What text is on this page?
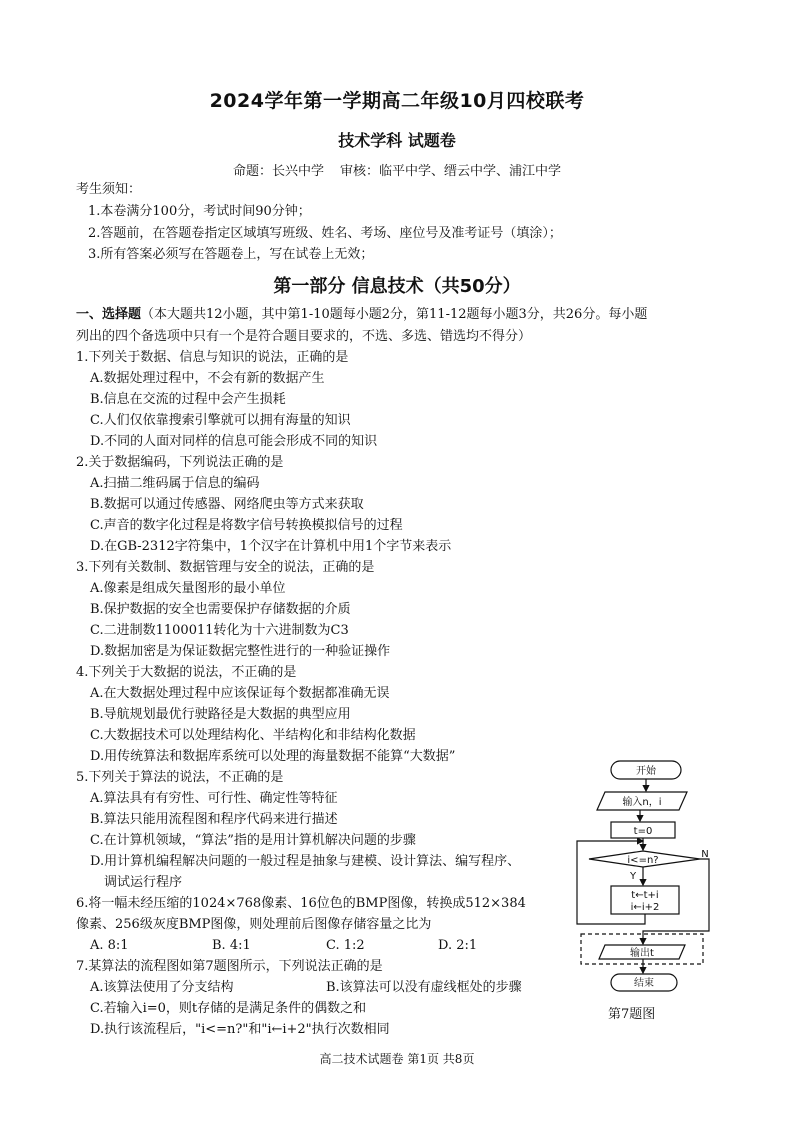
2024学年第一学期高二年级10月四校联考
技术学科 试题卷
命题：长兴中学 审核：临平中学、缙云中学、浦江中学
考生须知：
1.本卷满分100分，考试时间90分钟；
2.答题前，在答题卷指定区域填写班级、姓名、考场、座位号及准考证号（填涂）；
3.所有答案必须写在答题卷上，写在试卷上无效；
第一部分 信息技术（共50分）
一、选择题（本大题共12小题，其中第1-10题每小题2分，第11-12题每小题3分，共26分。每小题
列出的四个备选项中只有一个是符合题目要求的，不选、多选、错选均不得分）
1.下列关于数据、信息与知识的说法，正确的是
A.数据处理过程中，不会有新的数据产生
B.信息在交流的过程中会产生损耗
C.人们仅依靠搜索引擎就可以拥有海量的知识
D.不同的人面对同样的信息可能会形成不同的知识
2.关于数据编码，下列说法正确的是
A.扫描二维码属于信息的编码
B.数据可以通过传感器、网络爬虫等方式来获取
C.声音的数字化过程是将数字信号转换模拟信号的过程
D.在GB-2312字符集中，1个汉字在计算机中用1个字节来表示
3.下列有关数制、数据管理与安全的说法，正确的是
A.像素是组成矢量图形的最小单位
B.保护数据的安全也需要保护存储数据的介质
C.二进制数1100011转化为十六进制数为C3
D.数据加密是为保证数据完整性进行的一种验证操作
4.下列关于大数据的说法，不正确的是
A.在大数据处理过程中应该保证每个数据都准确无误
B.导航规划最优行驶路径是大数据的典型应用
C.大数据技术可以处理结构化、半结构化和非结构化数据
D.用传统算法和数据库系统可以处理的海量数据不能算“大数据”
5.下列关于算法的说法，不正确的是
A.算法具有有穷性、可行性、确定性等特征
B.算法只能用流程图和程序代码来进行描述
C.在计算机领域，“算法”指的是用计算机解决问题的步骤
D.用计算机编程解决问题的一般过程是抽象与建模、设计算法、编写程序、
调试运行程序
6.将一幅未经压缩的1024×768像素、16位色的BMP图像，转换成512×384
像素、256级灰度BMP图像，则处理前后图像存储容量之比为
A. 8:1	B. 4:1	C. 1:2	D. 2:1
7.某算法的流程图如第7题图所示，下列说法正确的是
A.该算法使用了分支结构	B.该算法可以没有虚线框处的步骤
C.若输入i=0，则t存储的是满足条件的偶数之和
D.执行该流程后，"i<=n?"和"i←i+2"执行次数相同
开始
输入n，i
t=0
i<=n?
Y
t←t+i
i←i+2
N
输出t
结束
第7题图
高二技术试题卷 第1页 共8页
